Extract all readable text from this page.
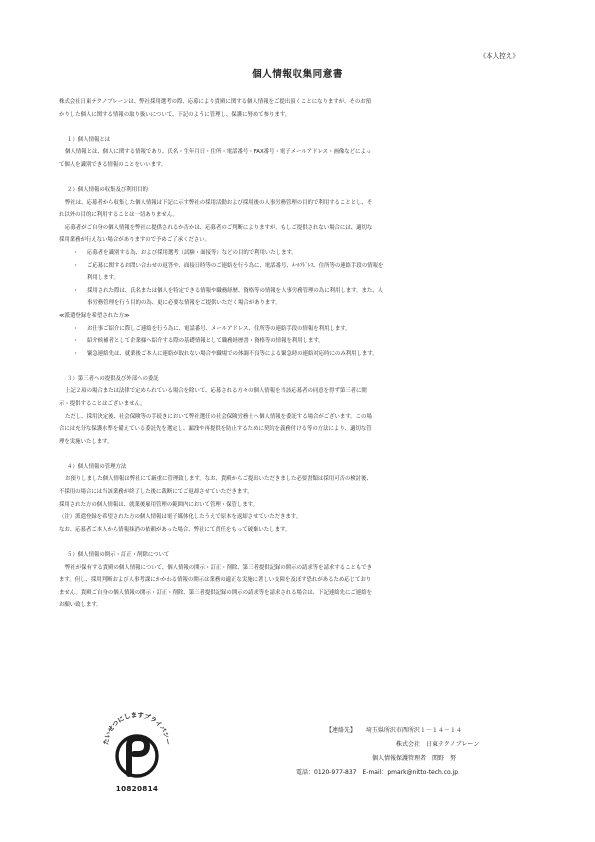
《本人控え》
個人情報収集同意書

株式会社日東テクノブレーンは、弊社採用選考の際、応募により貴殿に関する個人情報をご提出頂くことになりますが、そのお預

かりした個人に関する情報の取り扱いについて、下記のように管理し、保護に努めて参ります。

１）個人情報とは

個人情報とは、個人に関する情報であり、氏名・生年月日・住所・電話番号・FAX番号・電子メールアドレス・画像などによっ

て個人を識別できる情報のことをいいます。

２）個人情報の収集及び利用目的

弊社は、応募者から収集した個人情報は下記に示す弊社の採用活動および採用後の人事労務管理の目的で利用することとし、そ

れ以外の目的に利用することは一切ありません。

応募者がご自身の個人情報を弊社に提供されるか否かは、応募者のご判断によりますが、もしご提供されない場合には、適切な

採用業務が行えない場合がありますので予めご了承ください。

・ 応募者を識別する為、および採用選考（試験・面接等）などの目的で利用いたします。
・ ご応募に関するお問い合わせの返答や、面接日時等のご連絡を行う為に、電話番号、ﾒｰﾙｱﾄﾞﾚｽ、住所等の連絡手段の情報を
利用します。
・ 採用された際は、氏名または個人を特定できる情報や職務経歴、資格等の情報を人事労務管理の為に利用します。また、人
事労務管理を行う目的の為、更に必要な情報をご提供いただく場合があります。

≪派遣登録を希望された方≫

・ お仕事ご紹介に際しご連絡を行う為に、電話番号、メールアドレス、住所等の連絡手段の情報を利用します。
・ 紹介候補者として企業様へ紹介する際の基礎情報として職務経歴書・資格等の情報を利用します。
・ 緊急連絡先は、就業後ご本人に連絡が取れない場合や職場での体調不良等による緊急時の連絡対応時にのみ利用します。

３）第三者への提供及び外部への委託

上記２項の場合または法律で定められている場合を除いて、応募される方々の個人情報を当該応募者の同意を得ず第三者に開

示・提供することはございません。

ただし、採用決定後、社会保険等の手続きにおいて弊社選任の社会保険労務士へ個人情報を委託する場合がございます。この場

合には充分な保護水準を備えている委託先を選定し、漏洩や再提供を防止するために契約を義務付ける等の方法により、適切な管

理を実施いたします。

４）個人情報の管理方法

お預りしました個人情報は弊社にて厳重に管理致します。なお、貴殿からご提出いただきました必要書類は採用可否の検討後、

不採用の場合には当該業務が終了した後に裁断にてご返却させていただきます。

採用された方の個人情報は、就業後雇用管理の範囲内において管理・保管します。

（注）派遣登録を希望された方の個人情報は電子媒体化したうえで原本を返却させていただきます。

なお、応募者ご本人から情報抹消の依頼があった場合、弊社にて責任をもって破棄いたします。

５）個人情報の開示・訂正・削除について

弊社が保有する貴殿の個人情報について、個人情報の開示・訂正・削除、第三者提供記録の開示の請求等を請求することもでき

ます。但し、採用判断および人事考課にかかわる情報の開示は業務の適正な実施に著しい支障を及ぼす恐れがあるため応じており

ません。貴殿ご自身の個人情報の開示・訂正・削除、第三者提供記録の開示の請求等を請求される場合は、下記連絡先にご連絡を

お願い致します。

たいせつにしますプライバシー
10820814
【連絡先】 　 埼玉県所沢市西所沢１－１４－１４
株式会社　日東テクノブレーン
個人情報保護管理者　関野　努
電話：0120-977-837　E-mail：pmark@nitto-tech.co.jp
